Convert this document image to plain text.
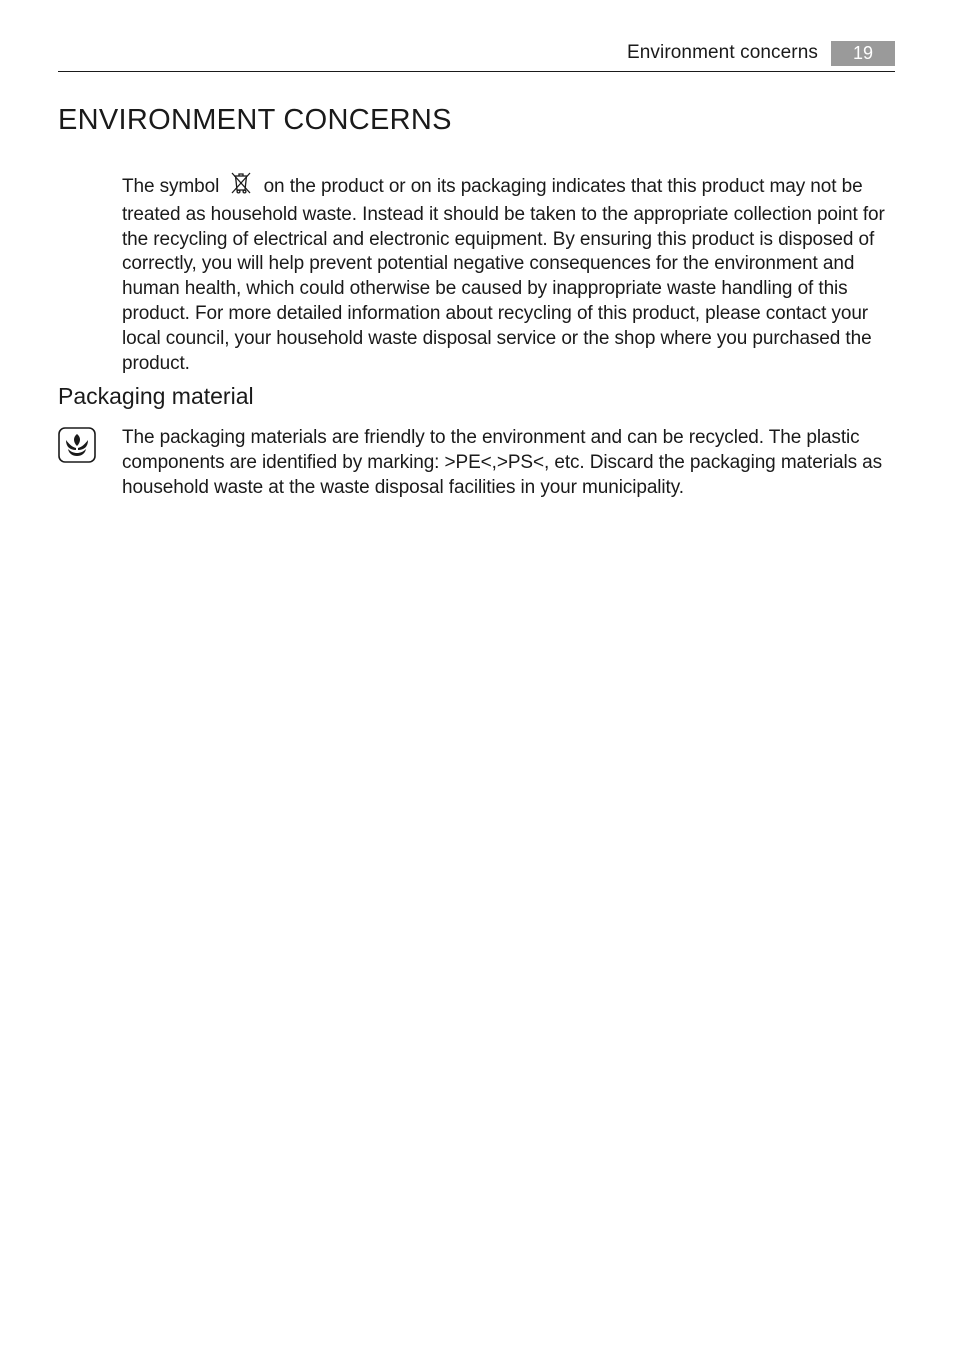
Environment concerns	19
ENVIRONMENT CONCERNS
The symbol on the product or on its packaging indicates that this product may not be treated as household waste. Instead it should be taken to the appropriate collection point for the recycling of electrical and electronic equipment. By ensuring this product is disposed of correctly, you will help prevent potential negative consequences for the environment and human health, which could otherwise be caused by inappropriate waste handling of this product. For more detailed information about recycling of this product, please contact your local council, your household waste disposal service or the shop where you purchased the product.
Packaging material
The packaging materials are friendly to the environment and can be recycled. The plastic components are identified by marking: >PE<,>PS<, etc. Discard the packaging materials as household waste at the waste disposal facilities in your municipality.
